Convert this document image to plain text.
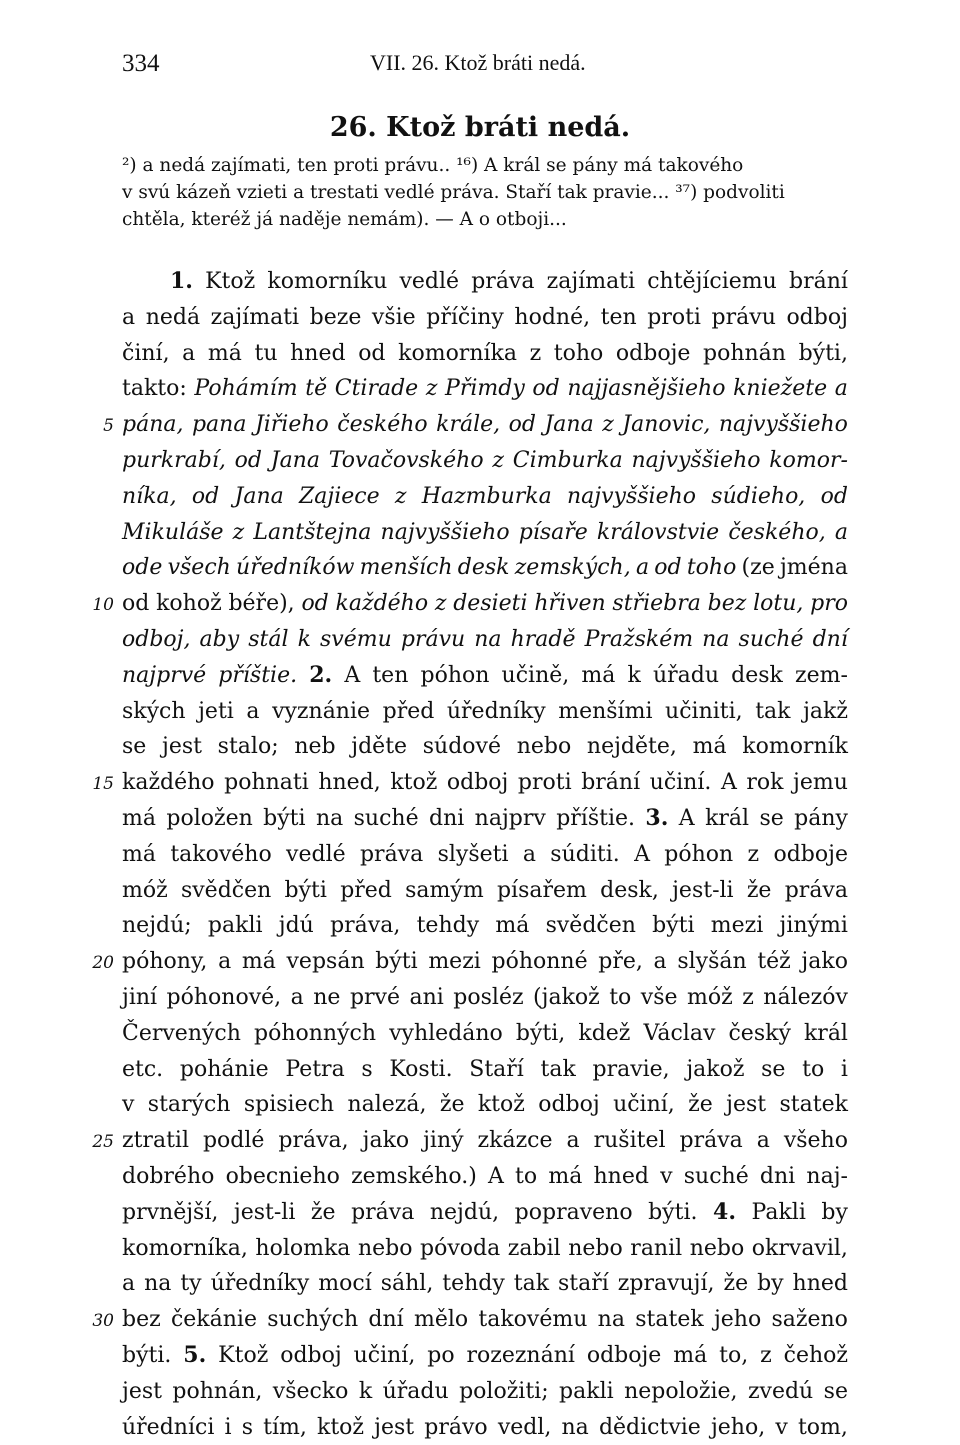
334	VII. 26. Ktož bráti nedá.
26. Ktož bráti nedá.
²) a nedá zajímati, ten proti právu.. ¹⁶) A král se pány má takového
v svú kázeň vzieti a trestati vedlé práva. Staří tak pravie... ³⁷) podvoliti
chtěla, kteréž já naděje nemám). — A o otboji...
1. Ktož komorníku vedlé práva zajímati chtějíciemu brání
a nedá zajímati beze všie příčiny hodné, ten proti právu odboj
činí, a má tu hned od komorníka z toho odboje pohnán býti,
takto: Pohámím tě Ctirade z Přimdy od najjasnějšieho kniežete a
5 pána, pana Jiřieho českého krále, od Jana z Janovic, najvyššieho
purkrabí, od Jana Tovačovského z Cimburka najvyššieho komor-
níka, od Jana Zajiece z Hazmburka najvyššieho súdieho, od
Mikuláše z Lantštejna najvyššieho písaře královstvie českého, a
ode všech úředníków menších desk zemských, a od toho (ze jména
10 od kohož béře), od každého z desieti hřiven střiebra bez lotu, pro
odboj, aby stál k svému právu na hradě Pražském na suché dní
najprvé příštie. 2. A ten póhon učině, má k úřadu desk zem-
ských jeti a vyznánie před úředníky menšími učiniti, tak jakž
se jest stalo; neb jděte súdové nebo nejděte, má komorník
15 každého pohnati hned, ktož odboj proti brání učiní. A rok jemu
má položen býti na suché dni najprv příštie. 3. A král se pány
má takového vedlé práva slyšeti a súditi. A póhon z odboje
móž svědčen býti před samým písařem desk, jest-li že práva
nejdú; pakli jdú práva, tehdy má svědčen býti mezi jinými
20 póhony, a má vepsán býti mezi póhonné pře, a slyšán též jako
jiní póhonové, a ne prvé ani posléz (jakož to vše móž z nálezóv
Červených póhonných vyhledáno býti, kdež Václav český král
etc. pohánie Petra s Kosti. Staří tak pravie, jakož se to i
v starých spisiech nalezá, že ktož odboj učiní, že jest statek
25 ztratil podlé práva, jako jiný zkázce a rušitel práva a všeho
dobrého obecnieho zemského.) A to má hned v suché dni naj-
prvnější, jest-li že práva nejdú, popraveno býti. 4. Pakli by
komorníka, holomka nebo póvoda zabil nebo ranil nebo okrvavil,
a na ty úředníky mocí sáhl, tehdy tak staří zpravují, že by hned
30 bez čekánie suchých dní mělo takovému na statek jeho saženo
býti. 5. Ktož odboj učiní, po rozeznání odboje má to, z čehož
jest pohnán, všecko k úřadu položiti; pakli nepoložie, zvedú se
úředníci i s tím, ktož jest právo vedl, na dědictvie jeho, v tom,
